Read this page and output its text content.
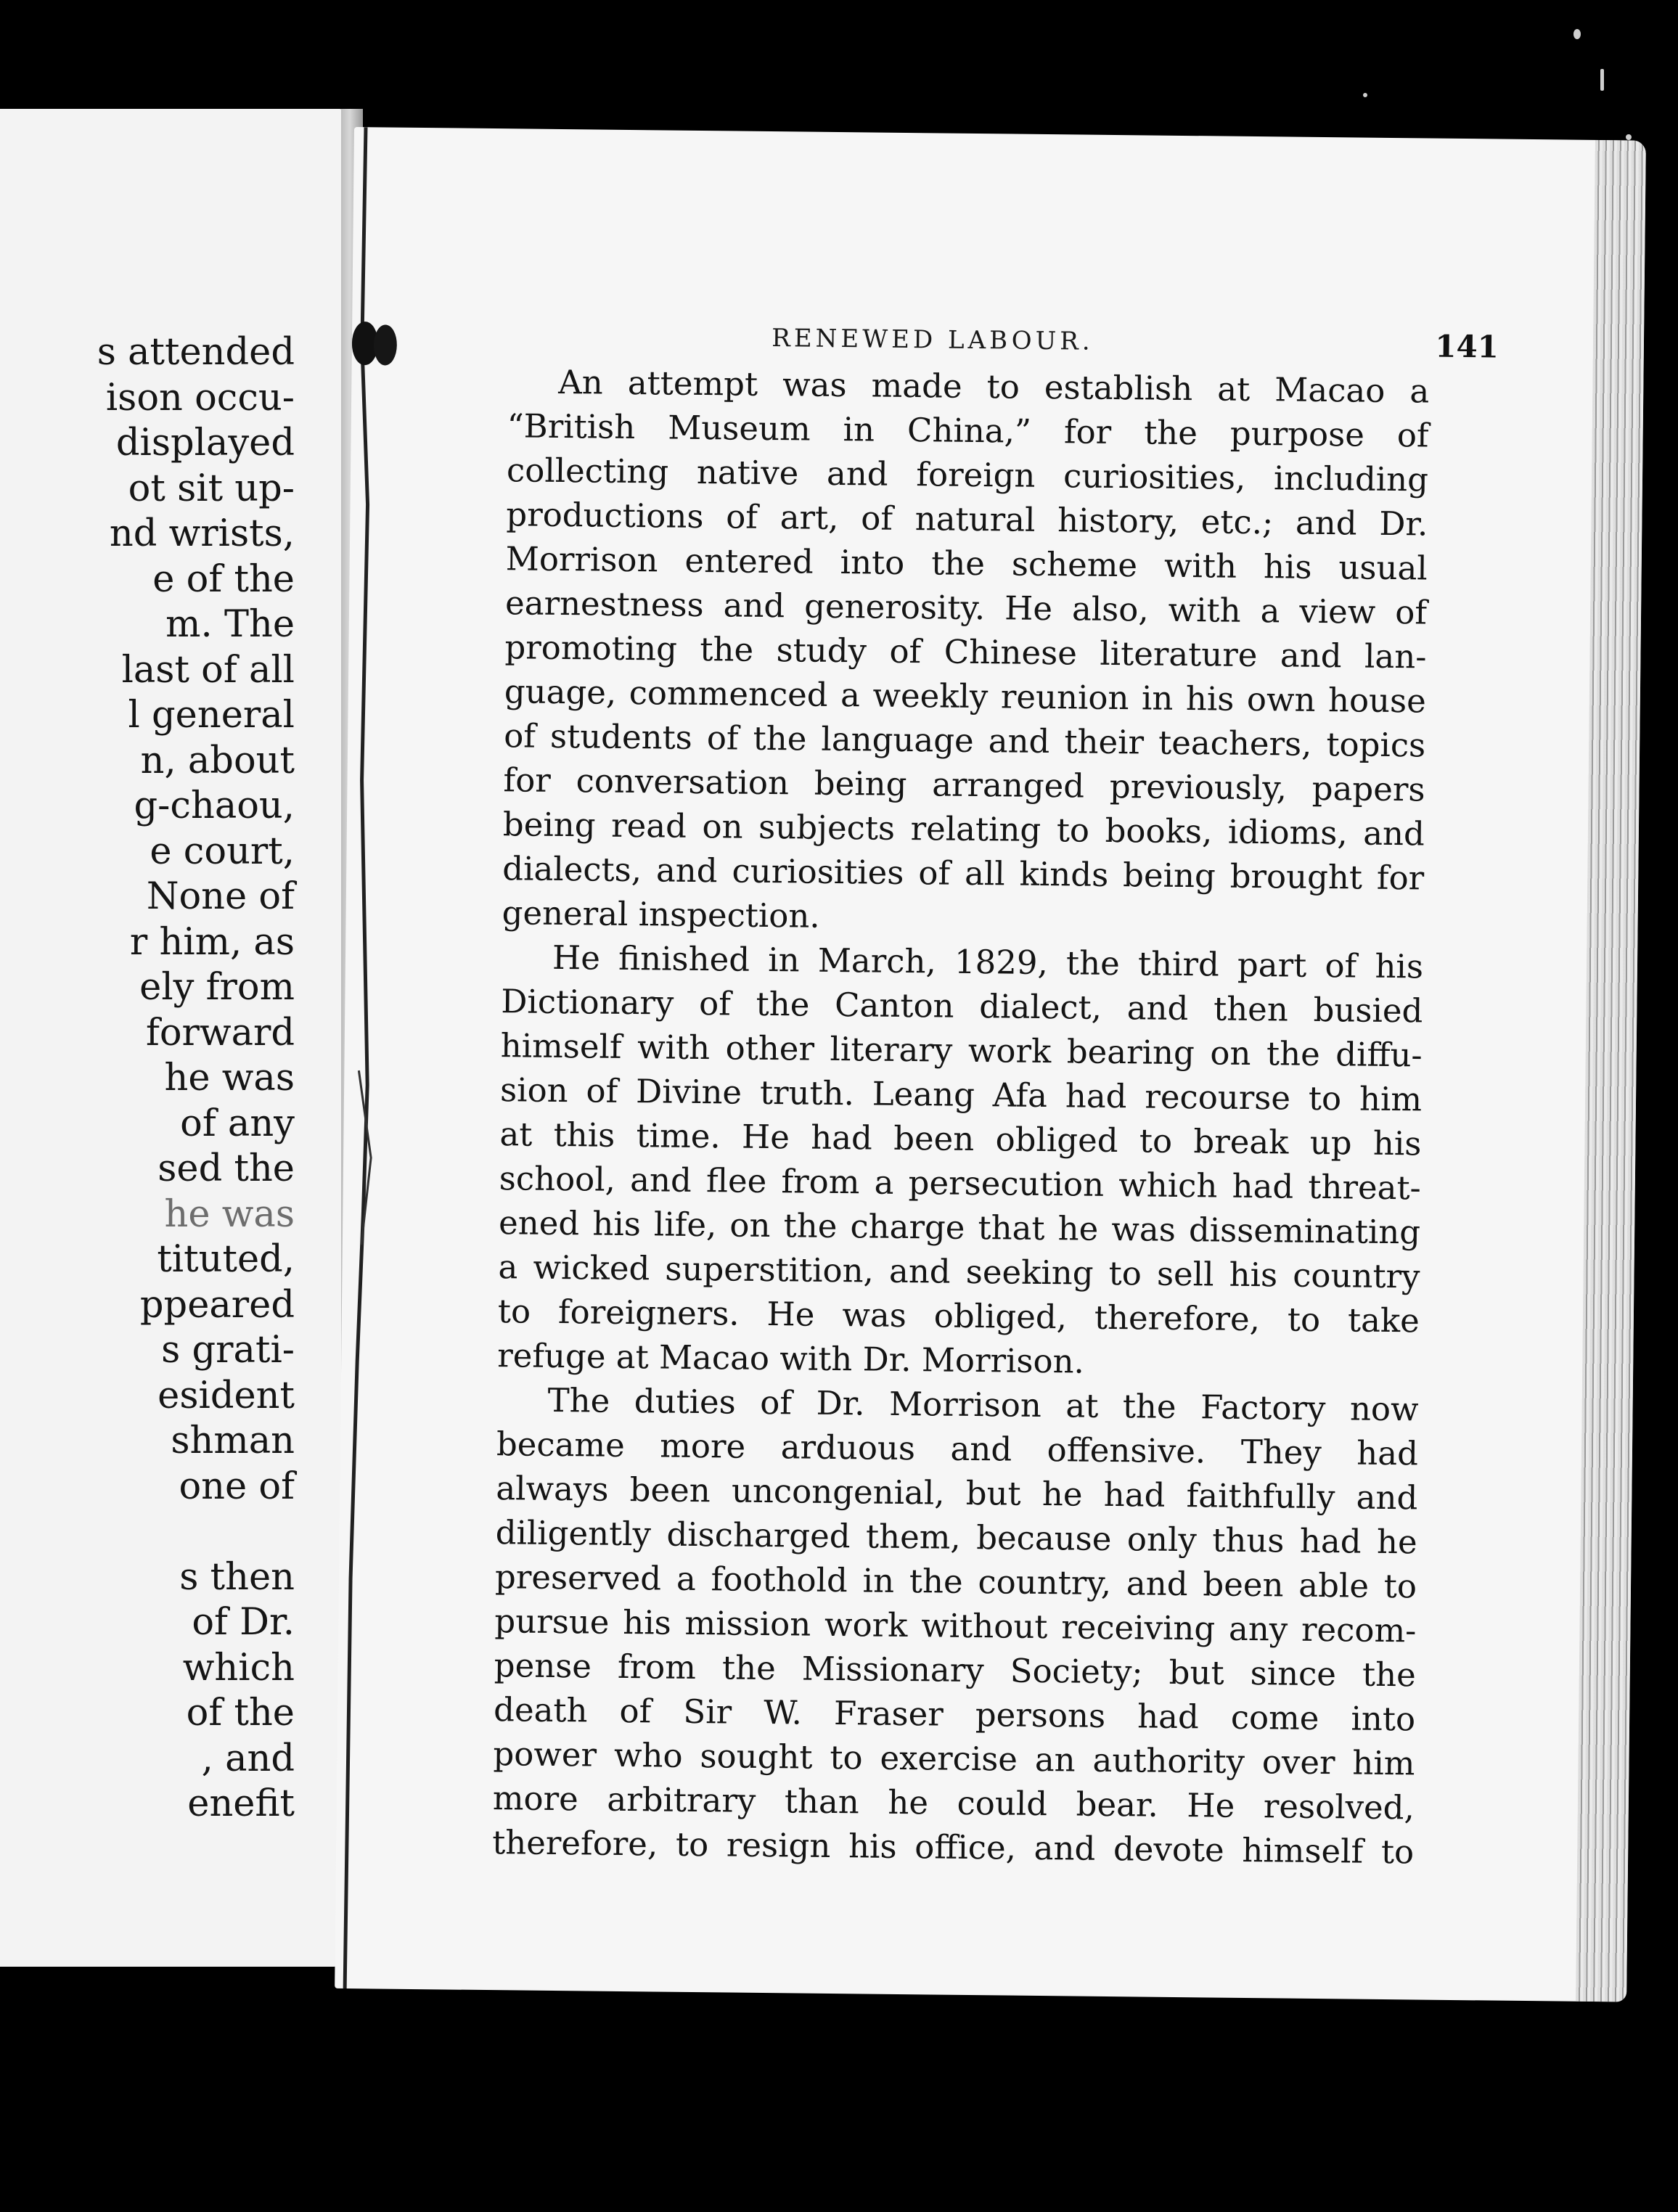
s attended
ison occu-
displayed
ot sit up-
nd wrists,
e of the
m. The
last of all
l general
n, about
g-chaou,
e court,
None of
r him, as
ely from
forward
he was
of any
sed the
he was
tituted,
ppeared
s grati-
esident
shman
one of
s then
of Dr.
which
of the
, and
enefit
RENEWED LABOUR.	141

An attempt was made to establish at Macao a
“British Museum in China,” for the purpose of
collecting native and foreign curiosities, including
productions of art, of natural history, etc.; and Dr.
Morrison entered into the scheme with his usual
earnestness and generosity. He also, with a view of
promoting the study of Chinese literature and lan-
guage, commenced a weekly reunion in his own house
of students of the language and their teachers, topics
for conversation being arranged previously, papers
being read on subjects relating to books, idioms, and
dialects, and curiosities of all kinds being brought for
general inspection.

He finished in March, 1829, the third part of his
Dictionary of the Canton dialect, and then busied
himself with other literary work bearing on the diffu-
sion of Divine truth. Leang Afa had recourse to him
at this time. He had been obliged to break up his
school, and flee from a persecution which had threat-
ened his life, on the charge that he was disseminating
a wicked superstition, and seeking to sell his country
to foreigners. He was obliged, therefore, to take
refuge at Macao with Dr. Morrison.

The duties of Dr. Morrison at the Factory now
became more arduous and offensive. They had
always been uncongenial, but he had faithfully and
diligently discharged them, because only thus had he
preserved a foothold in the country, and been able to
pursue his mission work without receiving any recom-
pense from the Missionary Society; but since the
death of Sir W. Fraser persons had come into
power who sought to exercise an authority over him
more arbitrary than he could bear. He resolved,
therefore, to resign his office, and devote himself to
